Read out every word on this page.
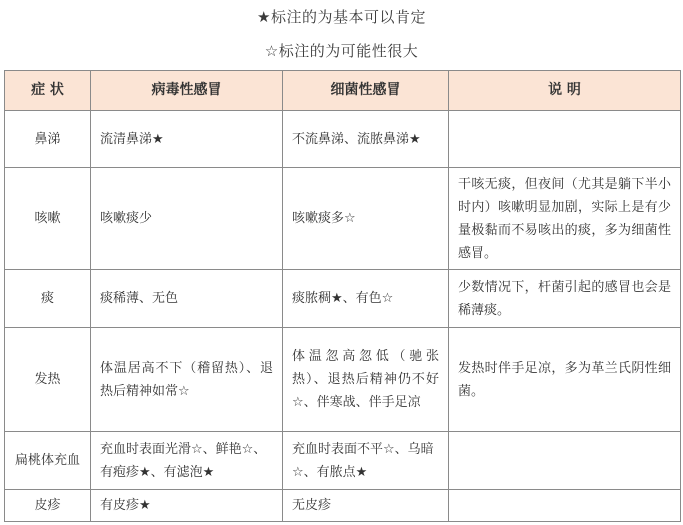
★标注的为基本可以肯定
☆标注的为可能性很大
症 状	病毒性感冒	细菌性感冒	说 明
鼻涕	流清鼻涕★	不流鼻涕、流脓鼻涕★	
咳嗽	咳嗽痰少	咳嗽痰多☆	干咳无痰，但夜间（尤其是躺下半小时内）咳嗽明显加剧，实际上是有少量极黏而不易咳出的痰，多为细菌性感冒。
痰	痰稀薄、无色	痰脓稠★、有色☆	少数情况下，杆菌引起的感冒也会是稀薄痰。
发热	体温居高不下（稽留热）、退热后精神如常☆	体温忽高忽低（驰张热）、退热后精神仍不好☆、伴寒战、伴手足凉	发热时伴手足凉，多为革兰氏阴性细菌。
扁桃体充血	充血时表面光滑☆、鲜艳☆、有疱疹★、有滤泡★	充血时表面不平☆、乌暗☆、有脓点★	
皮疹	有皮疹★	无皮疹	
